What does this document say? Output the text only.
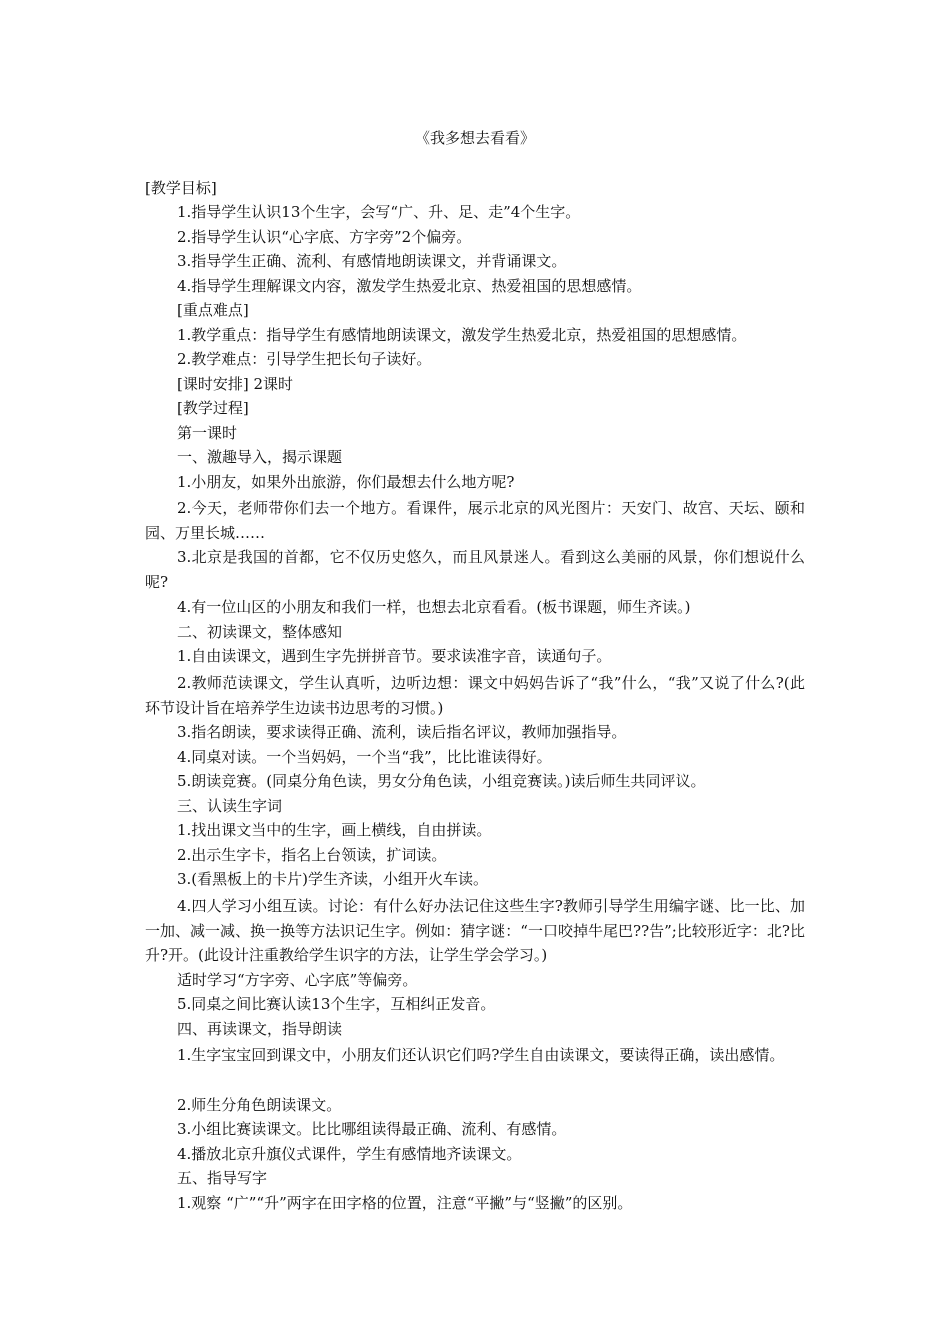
《我多想去看看》
[教学目标]
1.指导学生认识13个生字，会写“广、升、足、走”4个生字。
2.指导学生认识“心字底、方字旁”2个偏旁。
3.指导学生正确、流利、有感情地朗读课文，并背诵课文。
4.指导学生理解课文内容，激发学生热爱北京、热爱祖国的思想感情。
[重点难点]
1.教学重点：指导学生有感情地朗读课文，激发学生热爱北京，热爱祖国的思想感情。
2.教学难点：引导学生把长句子读好。
[课时安排] 2课时
[教学过程]
第一课时
一、激趣导入，揭示课题
1.小朋友，如果外出旅游，你们最想去什么地方呢?
2.今天，老师带你们去一个地方。看课件，展示北京的风光图片：天安门、故宫、天坛、颐和园、万里长城……
3.北京是我国的首都，它不仅历史悠久，而且风景迷人。看到这么美丽的风景，你们想说什么呢?
4.有一位山区的小朋友和我们一样，也想去北京看看。(板书课题，师生齐读。)
二、初读课文，整体感知
1.自由读课文，遇到生字先拼拼音节。要求读准字音，读通句子。
2.教师范读课文，学生认真听，边听边想：课文中妈妈告诉了“我”什么，“我”又说了什么?(此环节设计旨在培养学生边读书边思考的习惯。)
3.指名朗读，要求读得正确、流利，读后指名评议，教师加强指导。
4.同桌对读。一个当妈妈，一个当“我”，比比谁读得好。
5.朗读竞赛。(同桌分角色读，男女分角色读，小组竞赛读。)读后师生共同评议。
三、认读生字词
1.找出课文当中的生字，画上横线，自由拼读。
2.出示生字卡，指名上台领读，扩词读。
3.(看黑板上的卡片)学生齐读，小组开火车读。
4.四人学习小组互读。讨论：有什么好办法记住这些生字?教师引导学生用编字谜、比一比、加一加、减一减、换一换等方法识记生字。例如：猜字谜：“一口咬掉牛尾巴??告”;比较形近字：北?比 升?开。(此设计注重教给学生识字的方法，让学生学会学习。)
适时学习“方字旁、心字底”等偏旁。
5.同桌之间比赛认读13个生字，互相纠正发音。
四、再读课文，指导朗读
1.生字宝宝回到课文中，小朋友们还认识它们吗?学生自由读课文，要读得正确，读出感情。
2.师生分角色朗读课文。
3.小组比赛读课文。比比哪组读得最正确、流利、有感情。
4.播放北京升旗仪式课件，学生有感情地齐读课文。
五、指导写字
1.观察 “广”“升”两字在田字格的位置，注意“平撇”与“竖撇”的区别。
